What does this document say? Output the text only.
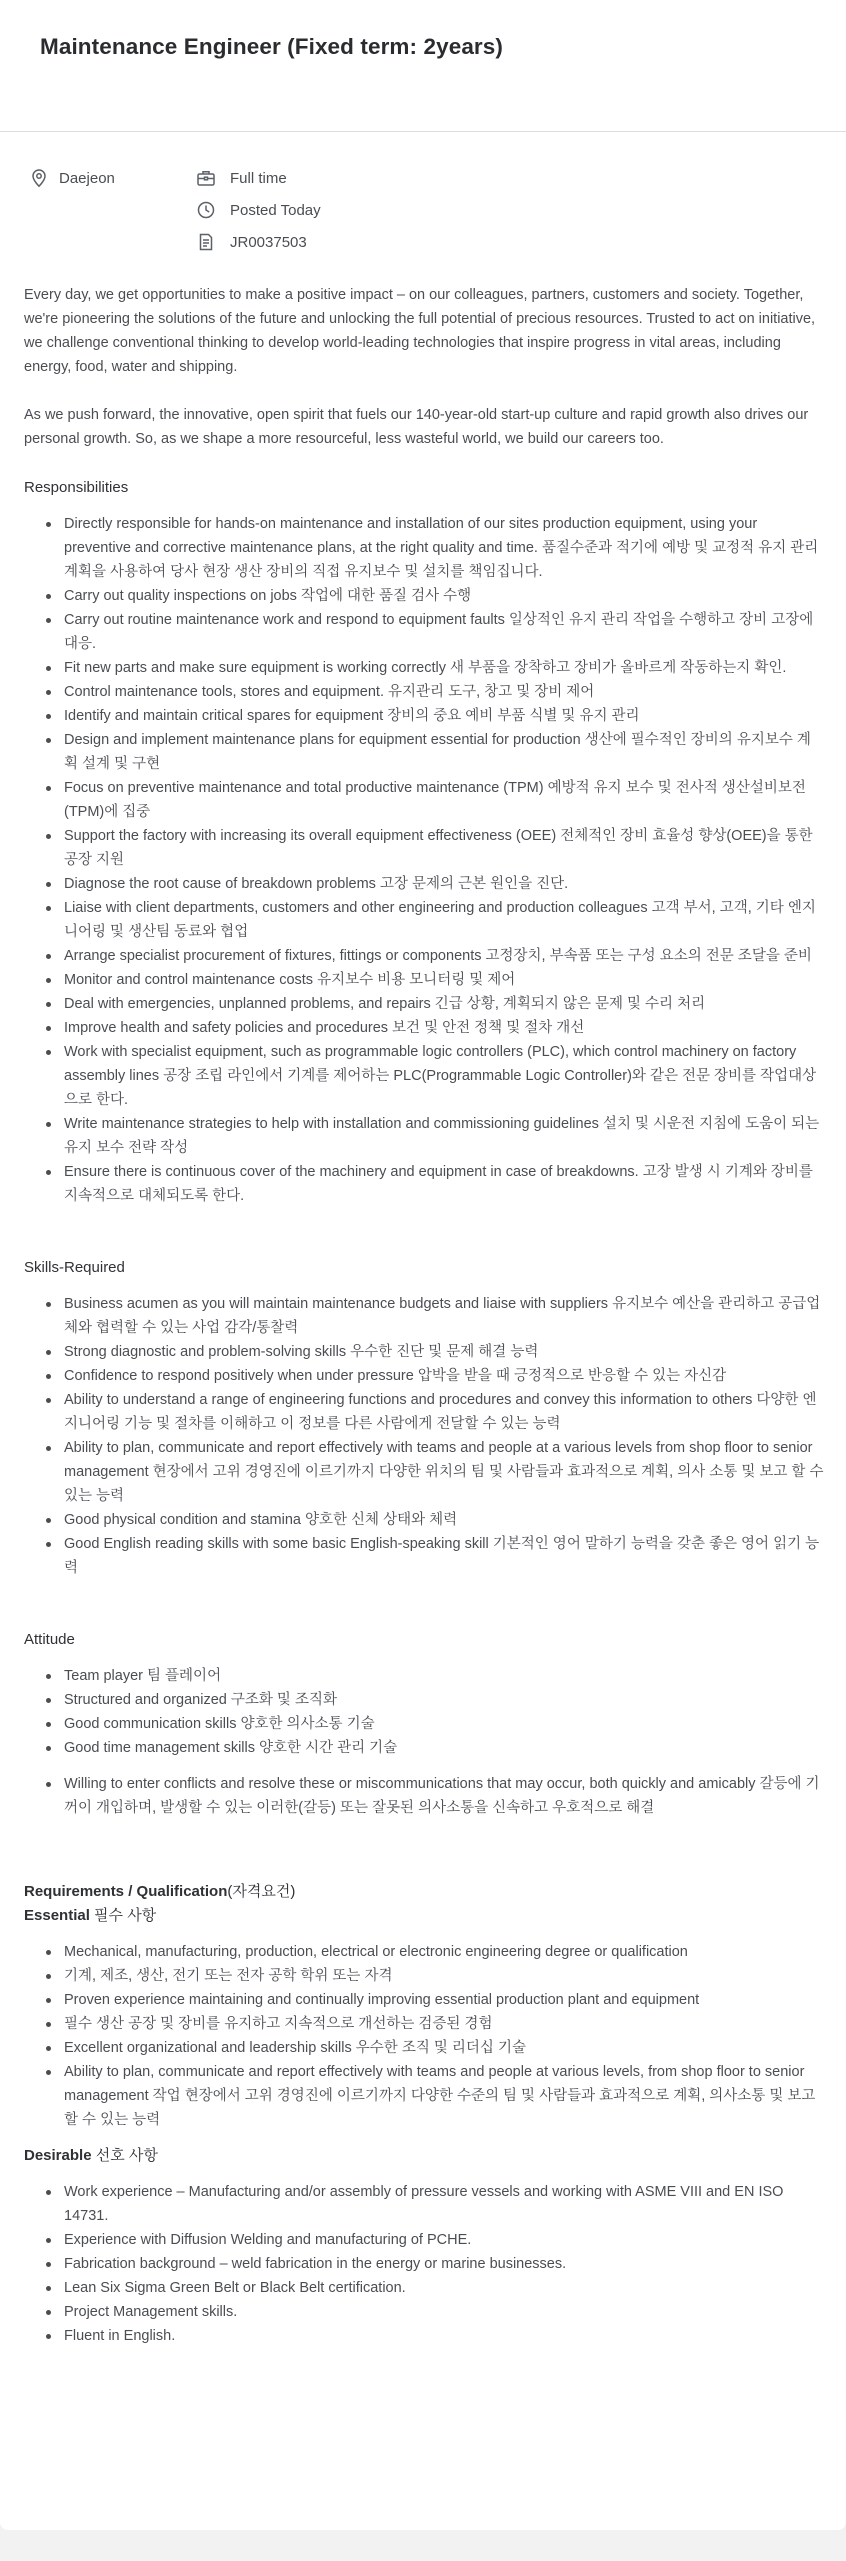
Maintenance Engineer (Fixed term: 2years)
Daejeon	Full time
Posted Today
JR0037503

Every day, we get opportunities to make a positive impact – on our colleagues, partners, customers and society. Together, we're pioneering the solutions of the future and unlocking the full potential of precious resources. Trusted to act on initiative, we challenge conventional thinking to develop world-leading technologies that inspire progress in vital areas, including energy, food, water and shipping.

As we push forward, the innovative, open spirit that fuels our 140-year-old start-up culture and rapid growth also drives our personal growth. So, as we shape a more resourceful, less wasteful world, we build our careers too.

Responsibilities
Directly responsible for hands-on maintenance and installation of our sites production equipment, using your preventive and corrective maintenance plans, at the right quality and time. 품질수준과 적기에 예방 및 교정적 유지 관리 계획을 사용하여 당사 현장 생산 장비의 직접 유지보수 및 설치를 책임집니다.
Carry out quality inspections on jobs 작업에 대한 품질 검사 수행
Carry out routine maintenance work and respond to equipment faults 일상적인 유지 관리 작업을 수행하고 장비 고장에 대응.
Fit new parts and make sure equipment is working correctly 새 부품을 장착하고 장비가 올바르게 작동하는지 확인.
Control maintenance tools, stores and equipment. 유지관리 도구, 창고 및 장비 제어
Identify and maintain critical spares for equipment 장비의 중요 예비 부품 식별 및 유지 관리
Design and implement maintenance plans for equipment essential for production 생산에 필수적인 장비의 유지보수 계획 설계 및 구현
Focus on preventive maintenance and total productive maintenance (TPM) 예방적 유지 보수 및 전사적 생산설비보전(TPM)에 집중
Support the factory with increasing its overall equipment effectiveness (OEE) 전체적인 장비 효율성 향상(OEE)을 통한 공장 지원
Diagnose the root cause of breakdown problems 고장 문제의 근본 원인을 진단.
Liaise with client departments, customers and other engineering and production colleagues 고객 부서, 고객, 기타 엔지니어링 및 생산팀 동료와 협업
Arrange specialist procurement of fixtures, fittings or components 고정장치, 부속품 또는 구성 요소의 전문 조달을 준비
Monitor and control maintenance costs 유지보수 비용 모니터링 및 제어
Deal with emergencies, unplanned problems, and repairs 긴급 상황, 계획되지 않은 문제 및 수리 처리
Improve health and safety policies and procedures 보건 및 안전 정책 및 절차 개선
Work with specialist equipment, such as programmable logic controllers (PLC), which control machinery on factory assembly lines 공장 조립 라인에서 기계를 제어하는 PLC(Programmable Logic Controller)와 같은 전문 장비를 작업대상으로 한다.
Write maintenance strategies to help with installation and commissioning guidelines 설치 및 시운전 지침에 도움이 되는 유지 보수 전략 작성
Ensure there is continuous cover of the machinery and equipment in case of breakdowns. 고장 발생 시 기계와 장비를 지속적으로 대체되도록 한다.
Skills-Required
Business acumen as you will maintain maintenance budgets and liaise with suppliers 유지보수 예산을 관리하고 공급업체와 협력할 수 있는 사업 감각/통찰력
Strong diagnostic and problem-solving skills 우수한 진단 및 문제 해결 능력
Confidence to respond positively when under pressure 압박을 받을 때 긍정적으로 반응할 수 있는 자신감
Ability to understand a range of engineering functions and procedures and convey this information to others 다양한 엔지니어링 기능 및 절차를 이해하고 이 정보를 다른 사람에게 전달할 수 있는 능력
Ability to plan, communicate and report effectively with teams and people at a various levels from shop floor to senior management 현장에서 고위 경영진에 이르기까지 다양한 위치의 팀 및 사람들과 효과적으로 계획, 의사 소통 및 보고 할 수 있는 능력
Good physical condition and stamina 양호한 신체 상태와 체력
Good English reading skills with some basic English-speaking skill 기본적인 영어 말하기 능력을 갖춘 좋은 영어 읽기 능력
Attitude
Team player 팀 플레이어
Structured and organized 구조화 및 조직화
Good communication skills 양호한 의사소통 기술
Good time management skills 양호한 시간 관리 기술
Willing to enter conflicts and resolve these or miscommunications that may occur, both quickly and amicably 갈등에 기꺼이 개입하며, 발생할 수 있는 이러한(갈등) 또는 잘못된 의사소통을 신속하고 우호적으로 해결
Requirements / Qualification(자격요건)
Essential 필수 사항
Mechanical, manufacturing, production, electrical or electronic engineering degree or qualification
기계, 제조, 생산, 전기 또는 전자 공학 학위 또는 자격
Proven experience maintaining and continually improving essential production plant and equipment
필수 생산 공장 및 장비를 유지하고 지속적으로 개선하는 검증된 경험
Excellent organizational and leadership skills 우수한 조직 및 리더십 기술
Ability to plan, communicate and report effectively with teams and people at various levels, from shop floor to senior management 작업 현장에서 고위 경영진에 이르기까지 다양한 수준의 팀 및 사람들과 효과적으로 계획, 의사소통 및 보고 할 수 있는 능력
Desirable 선호 사항
Work experience – Manufacturing and/or assembly of pressure vessels and working with ASME VIII and EN ISO 14731.
Experience with Diffusion Welding and manufacturing of PCHE.
Fabrication background – weld fabrication in the energy or marine businesses.
Lean Six Sigma Green Belt or Black Belt certification.
Project Management skills.
Fluent in English.
